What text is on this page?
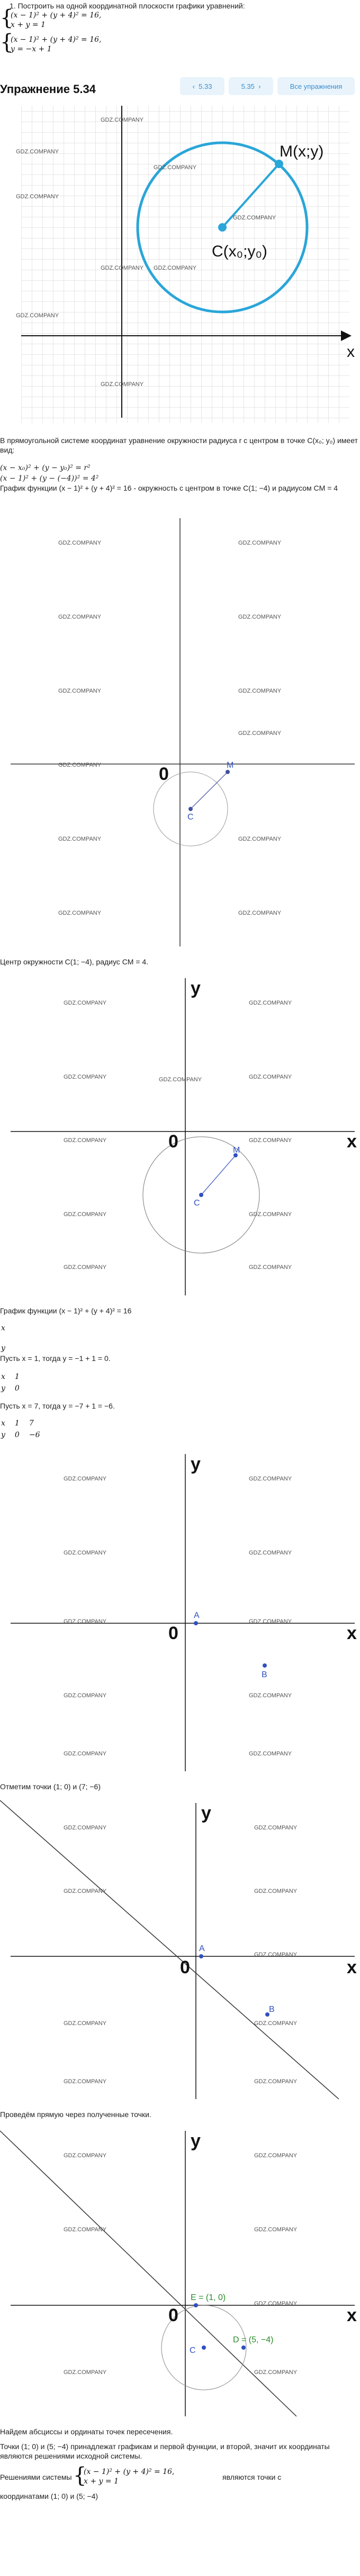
1. Построить на одной координатной плоскости графики уравнений:
{
(x − 1)² + (y + 4)² = 16,
x + y = 1
{
(x − 1)² + (y + 4)² = 16,
y = −x + 1
Упражнение 5.34	‹ 5.33	5.35 ›	Все упражнения
M(x;y)
C(x₀;y₀)
x
GDZ.COMPANY
GDZ.COMPANY
GDZ.COMPANY
GDZ.COMPANY
GDZ.COMPANY
GDZ.COMPANY GDZ.COMPANY
GDZ.COMPANY
GDZ.COMPANY
В прямоугольной системе координат уравнение окружности радиуса r с центром в точке C(x₀; y₀) имеет вид:
(x − x₀)² + (y − y₀)² = r²
(x − 1)² + (y − (−4))² = 4²
График функции (x − 1)² + (y + 4)² = 16 - окружность с центром в точке C(1; −4) и радиусом CM = 4
C
M
0
GDZ.COMPANY	GDZ.COMPANY
GDZ.COMPANY	GDZ.COMPANY
GDZ.COMPANY	GDZ.COMPANY
GDZ.COMPANY
GDZ.COMPANY
GDZ.COMPANY	GDZ.COMPANY
GDZ.COMPANY	GDZ.COMPANY
Центр окружности C(1; −4), радиус CM = 4.
C
M
0	x
y
GDZ.COMPANY	GDZ.COMPANY
GDZ.COMPANY	GDZ.COMPANY	GDZ.COMPANY
GDZ.COMPANY	GDZ.COMPANY
GDZ.COMPANY	GDZ.COMPANY
GDZ.COMPANY	GDZ.COMPANY
График функции (x − 1)² + (y + 4)² = 16
x
y
Пусть x = 1, тогда y = −1 + 1 = 0.
x	1
y	0
Пусть x = 7, тогда y = −7 + 1 = −6.
x	1	7
y	0	−6
A
B
0	x
y
GDZ.COMPANY	GDZ.COMPANY
GDZ.COMPANY	GDZ.COMPANY
GDZ.COMPANY	GDZ.COMPANY
GDZ.COMPANY	GDZ.COMPANY
GDZ.COMPANY	GDZ.COMPANY
Отметим точки (1; 0) и (7; −6)
A
B
0	x
y
GDZ.COMPANY	GDZ.COMPANY
GDZ.COMPANY	GDZ.COMPANY
GDZ.COMPANY
GDZ.COMPANY	GDZ.COMPANY
GDZ.COMPANY	GDZ.COMPANY
Проведём прямую через полученные точки.
C
E = (1, 0)
D = (5, −4)
0	x
y
GDZ.COMPANY	GDZ.COMPANY
GDZ.COMPANY	GDZ.COMPANY
GDZ.COMPANY
GDZ.COMPANY	GDZ.COMPANY
Найдем абсциссы и ординаты точек пересечения.
Точки (1; 0) и (5; −4) принадлежат графикам и первой функции, и второй, значит их координаты являются решениями исходной системы.
Решениями системы {
(x − 1)² + (y + 4)² = 16,
x + y = 1	являются точки с
координатами (1; 0) и (5; −4)
